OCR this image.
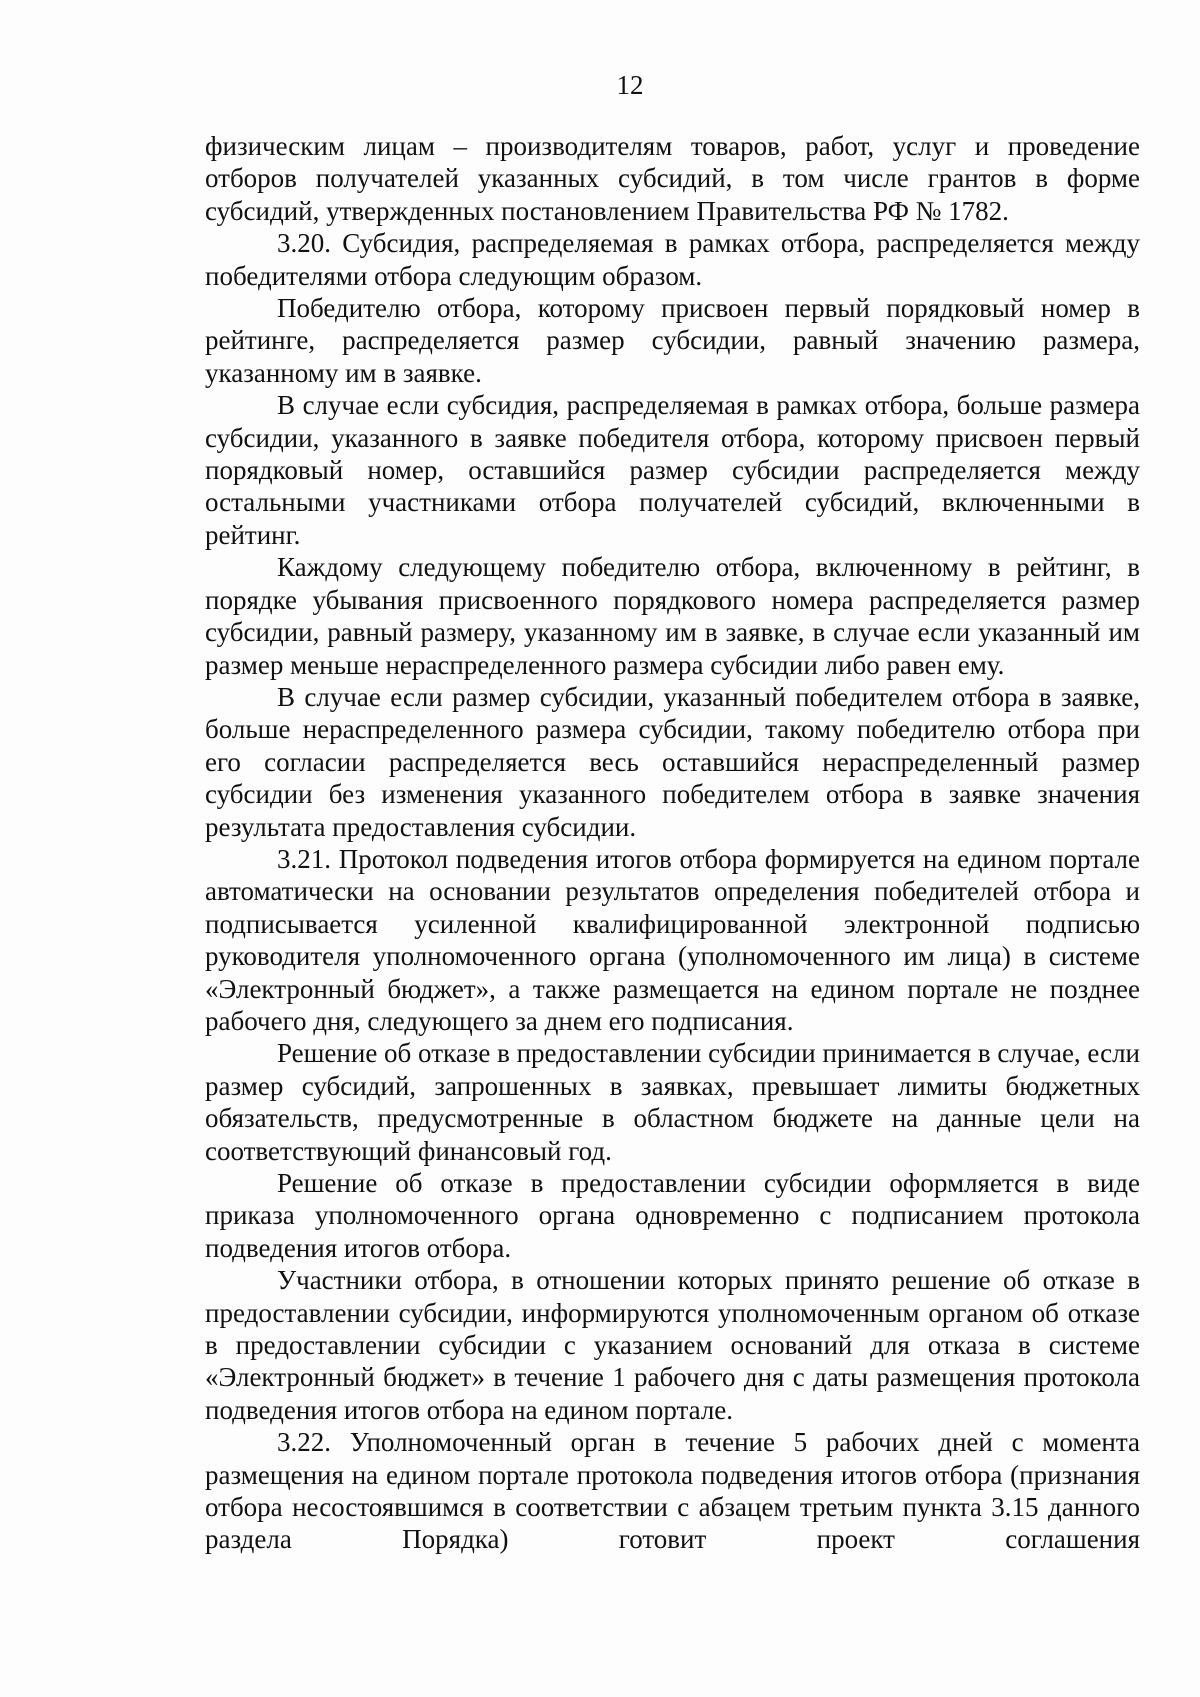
12

физическим лицам – производителям товаров, работ, услуг и проведение отборов получателей указанных субсидий, в том числе грантов в форме субсидий, утвержденных постановлением Правительства РФ № 1782.

3.20. Субсидия, распределяемая в рамках отбора, распределяется между победителями отбора следующим образом.

Победителю отбора, которому присвоен первый порядковый номер в рейтинге, распределяется размер субсидии, равный значению размера, указанному им в заявке.

В случае если субсидия, распределяемая в рамках отбора, больше размера субсидии, указанного в заявке победителя отбора, которому присвоен первый порядковый номер, оставшийся размер субсидии распределяется между остальными участниками отбора получателей субсидий, включенными в рейтинг.

Каждому следующему победителю отбора, включенному в рейтинг, в порядке убывания присвоенного порядкового номера распределяется размер субсидии, равный размеру, указанному им в заявке, в случае если указанный им размер меньше нераспределенного размера субсидии либо равен ему.

В случае если размер субсидии, указанный победителем отбора в заявке, больше нераспределенного размера субсидии, такому победителю отбора при его согласии распределяется весь оставшийся нераспределенный размер субсидии без изменения указанного победителем отбора в заявке значения результата предоставления субсидии.

3.21. Протокол подведения итогов отбора формируется на едином портале автоматически на основании результатов определения победителей отбора и подписывается усиленной квалифицированной электронной подписью руководителя уполномоченного органа (уполномоченного им лица) в системе «Электронный бюджет», а также размещается на едином портале не позднее рабочего дня, следующего за днем его подписания.

Решение об отказе в предоставлении субсидии принимается в случае, если размер субсидий, запрошенных в заявках, превышает лимиты бюджетных обязательств, предусмотренные в областном бюджете на данные цели на соответствующий финансовый год.

Решение об отказе в предоставлении субсидии оформляется в виде приказа уполномоченного органа одновременно с подписанием протокола подведения итогов отбора.

Участники отбора, в отношении которых принято решение об отказе в предоставлении субсидии, информируются уполномоченным органом об отказе в предоставлении субсидии с указанием оснований для отказа в системе «Электронный бюджет» в течение 1 рабочего дня с даты размещения протокола подведения итогов отбора на едином портале.

3.22. Уполномоченный орган в течение 5 рабочих дней с момента размещения на едином портале протокола подведения итогов отбора (признания отбора несостоявшимся в соответствии с абзацем третьим пункта 3.15 данного раздела Порядка) готовит проект соглашения
